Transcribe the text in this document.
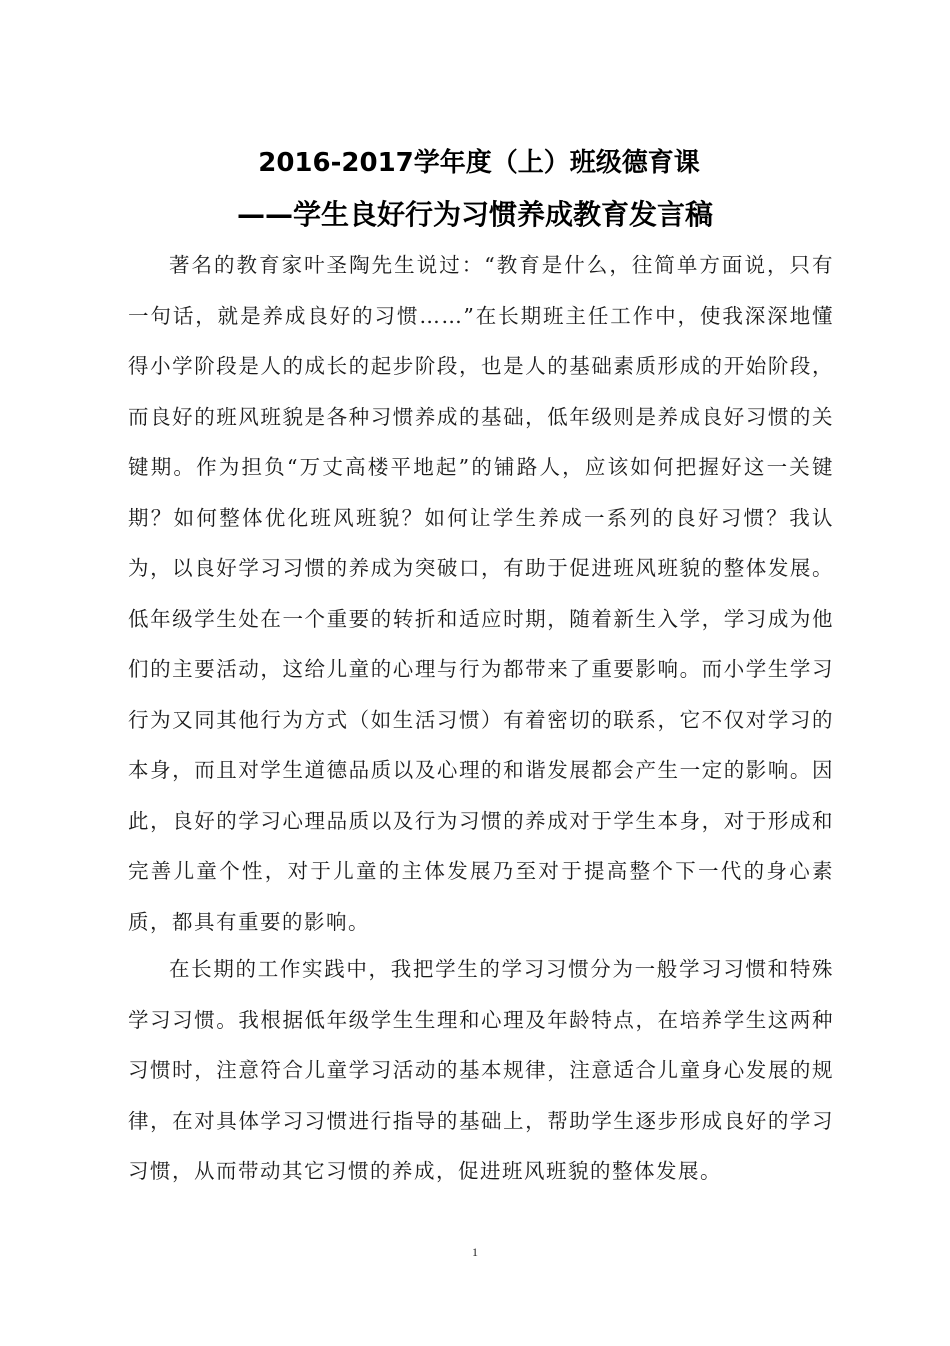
2016-2017学年度（上）班级德育课
——学生良好行为习惯养成教育发言稿

著名的教育家叶圣陶先生说过：“教育是什么，往简单方面说，只有一句话，就是养成良好的习惯……”在长期班主任工作中，使我深深地懂得小学阶段是人的成长的起步阶段，也是人的基础素质形成的开始阶段，而良好的班风班貌是各种习惯养成的基础，低年级则是养成良好习惯的关键期。作为担负“万丈高楼平地起”的铺路人，应该如何把握好这一关键期？如何整体优化班风班貌？如何让学生养成一系列的良好习惯？我认为，以良好学习习惯的养成为突破口，有助于促进班风班貌的整体发展。低年级学生处在一个重要的转折和适应时期，随着新生入学，学习成为他们的主要活动，这给儿童的心理与行为都带来了重要影响。而小学生学习行为又同其他行为方式（如生活习惯）有着密切的联系，它不仅对学习的本身，而且对学生道德品质以及心理的和谐发展都会产生一定的影响。因此，良好的学习心理品质以及行为习惯的养成对于学生本身，对于形成和完善儿童个性，对于儿童的主体发展乃至对于提高整个下一代的身心素质，都具有重要的影响。

在长期的工作实践中，我把学生的学习习惯分为一般学习习惯和特殊学习习惯。我根据低年级学生生理和心理及年龄特点，在培养学生这两种习惯时，注意符合儿童学习活动的基本规律，注意适合儿童身心发展的规律，在对具体学习习惯进行指导的基础上，帮助学生逐步形成良好的学习习惯，从而带动其它习惯的养成，促进班风班貌的整体发展。

1
